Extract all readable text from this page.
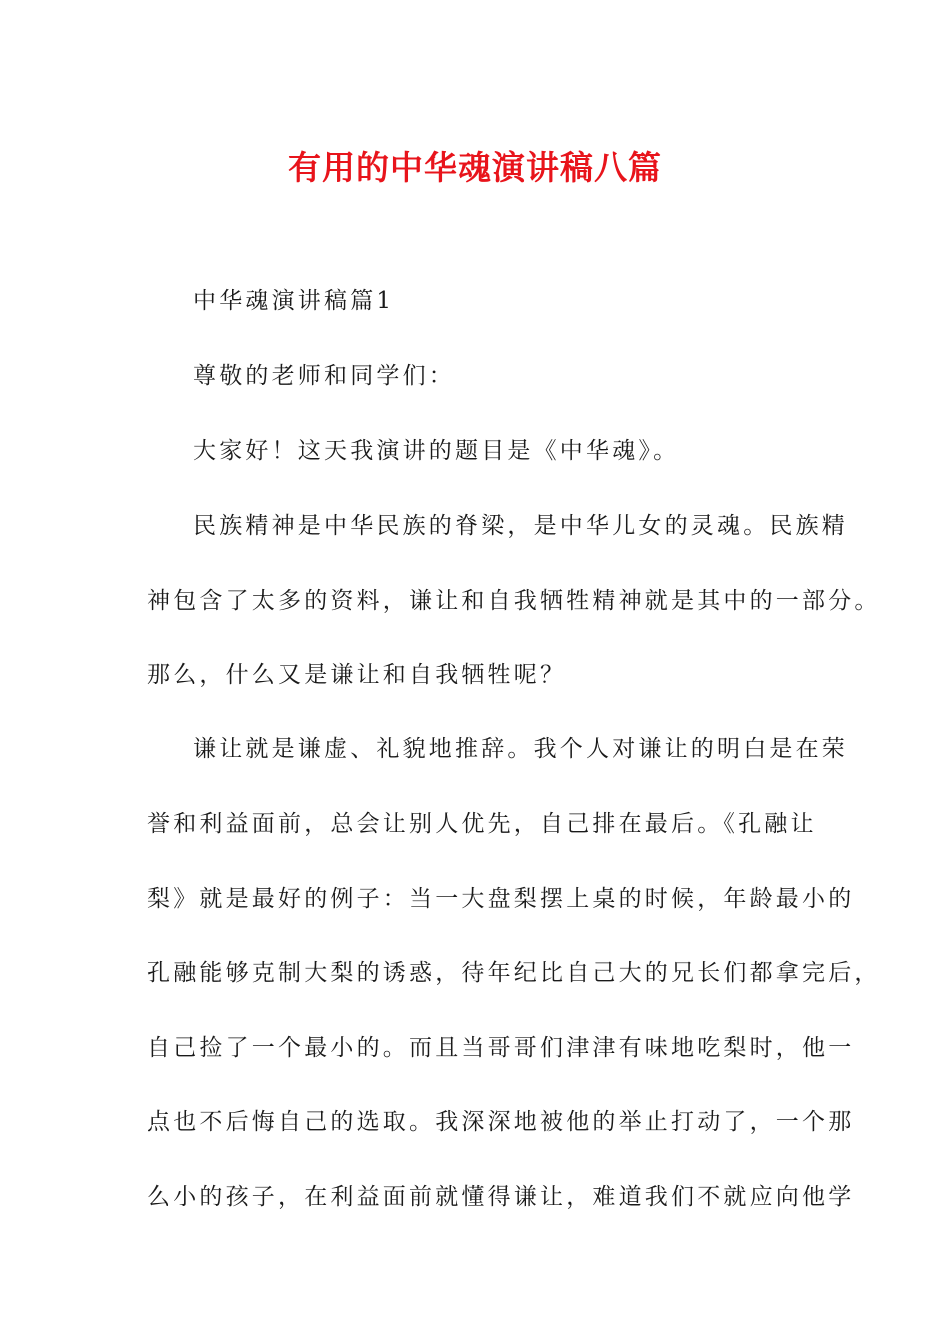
有用的中华魂演讲稿八篇
中华魂演讲稿篇1
尊敬的老师和同学们：
大家好！这天我演讲的题目是《中华魂》。
民族精神是中华民族的脊梁，是中华儿女的灵魂。民族精
神包含了太多的资料，谦让和自我牺牲精神就是其中的一部分。
那么，什么又是谦让和自我牺牲呢？
谦让就是谦虚、礼貌地推辞。我个人对谦让的明白是在荣
誉和利益面前，总会让别人优先，自己排在最后。《孔融让
梨》就是最好的例子：当一大盘梨摆上桌的时候，年龄最小的
孔融能够克制大梨的诱惑，待年纪比自己大的兄长们都拿完后，
自己捡了一个最小的。而且当哥哥们津津有味地吃梨时，他一
点也不后悔自己的选取。我深深地被他的举止打动了，一个那
么小的孩子，在利益面前就懂得谦让，难道我们不就应向他学
